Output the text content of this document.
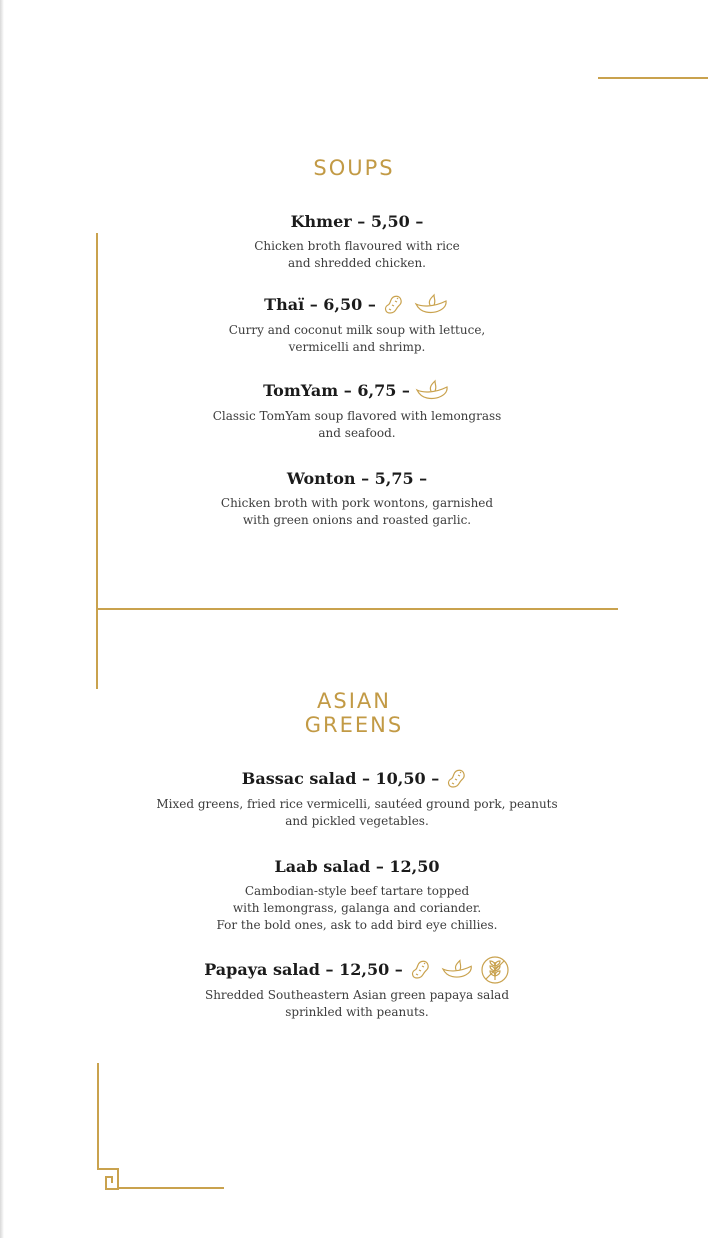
SOUPS
Khmer – 5,50 –
Chicken broth flavoured with rice
and shredded chicken.
Thaï – 6,50 –
Curry and coconut milk soup with lettuce,
vermicelli and shrimp.
TomYam – 6,75 –
Classic TomYam soup flavored with lemongrass
and seafood.
Wonton – 5,75 –
Chicken broth with pork wontons, garnished
with green onions and roasted garlic.
ASIAN
GREENS
Bassac salad – 10,50 –
Mixed greens, fried rice vermicelli, sautéed ground pork, peanuts
and pickled vegetables.
Laab salad – 12,50
Cambodian-style beef tartare topped
with lemongrass, galanga and coriander.
For the bold ones, ask to add bird eye chillies.
Papaya salad – 12,50 –
Shredded Southeastern Asian green papaya salad
sprinkled with peanuts.
